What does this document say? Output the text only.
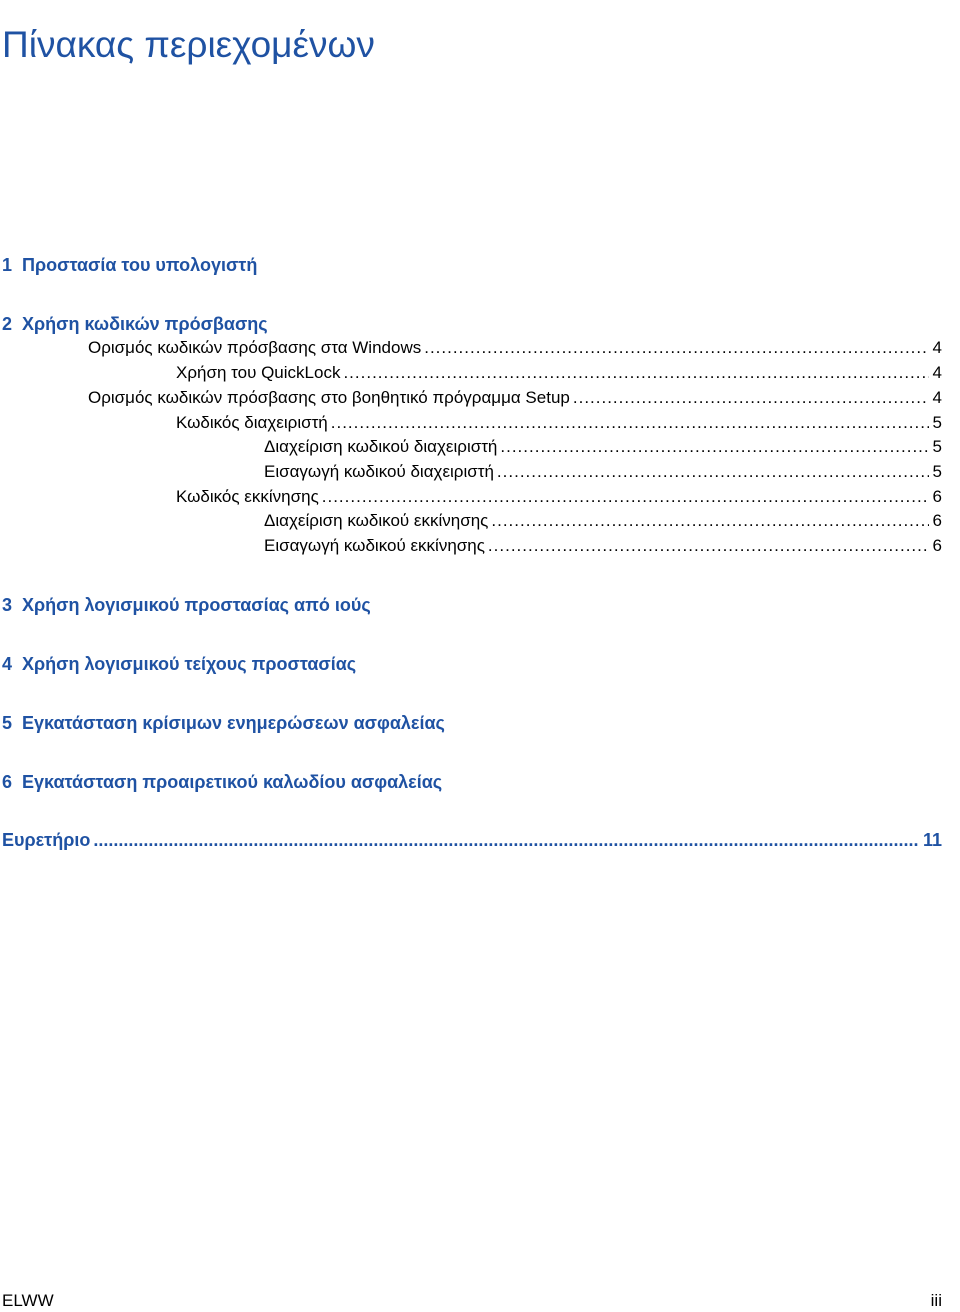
Πίνακας περιεχομένων
1 Προστασία του υπολογιστή
2 Χρήση κωδικών πρόσβασης
Ορισμός κωδικών πρόσβασης στα Windows .....	4
Χρήση του QuickLock .....	4
Ορισμός κωδικών πρόσβασης στο βοηθητικό πρόγραμμα Setup .....	4
Κωδικός διαχειριστή .....	5
Διαχείριση κωδικού διαχειριστή .....	5
Εισαγωγή κωδικού διαχειριστή .....	5
Κωδικός εκκίνησης .....	6
Διαχείριση κωδικού εκκίνησης .....	6
Εισαγωγή κωδικού εκκίνησης .....	6
3 Χρήση λογισμικού προστασίας από ιούς
4 Χρήση λογισμικού τείχους προστασίας
5 Εγκατάσταση κρίσιμων ενημερώσεων ασφαλείας
6 Εγκατάσταση προαιρετικού καλωδίου ασφαλείας
Ευρετήριο .....	11
ELWW	iii
